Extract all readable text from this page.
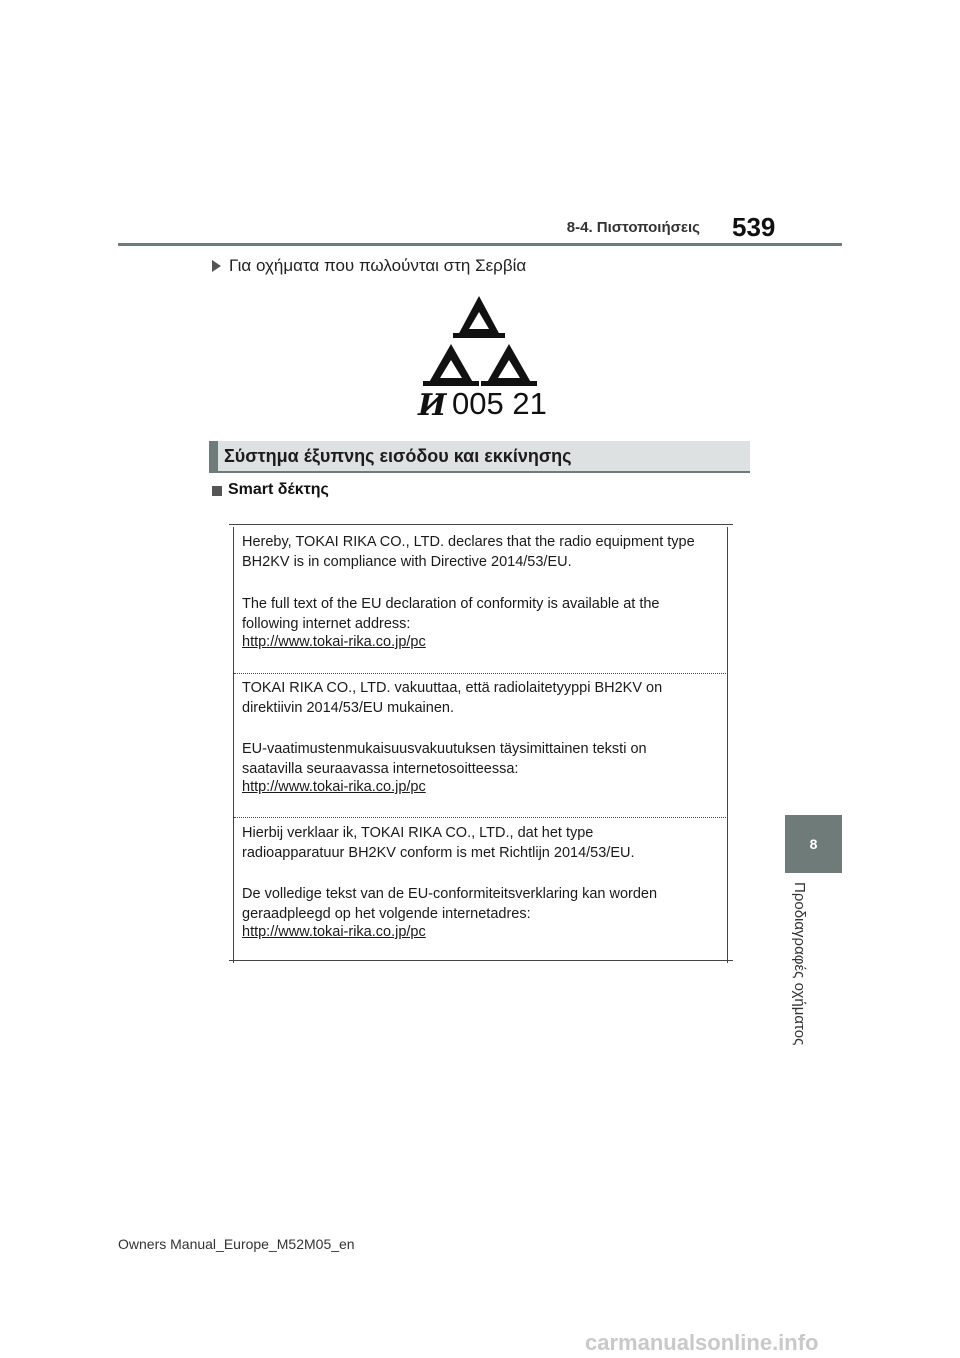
8-4. Πιστοποιήσεις 539
Για οχήματα που πωλούνται στη Σερβία
И 005 21
Σύστημα έξυπνης εισόδου και εκκίνησης
Smart δέκτης
Hereby, TOKAI RIKA CO., LTD. declares that the radio equipment type
BH2KV is in compliance with Directive 2014/53/EU.
The full text of the EU declaration of conformity is available at the
following internet address:
http://www.tokai-rika.co.jp/pc
TOKAI RIKA CO., LTD. vakuuttaa, että radiolaitetyyppi BH2KV on
direktiivin 2014/53/EU mukainen.
EU-vaatimustenmukaisuusvakuutuksen täysimittainen teksti on
saatavilla seuraavassa internetosoitteessa:
http://www.tokai-rika.co.jp/pc
Hierbij verklaar ik, TOKAI RIKA CO., LTD., dat het type
radioapparatuur BH2KV conform is met Richtlijn 2014/53/EU.
De volledige tekst van de EU-conformiteitsverklaring kan worden
geraadpleegd op het volgende internetadres:
http://www.tokai-rika.co.jp/pc
8
Προδιαγραφές οχήματος
Owners Manual_Europe_M52M05_en
carmanualsonline.info
